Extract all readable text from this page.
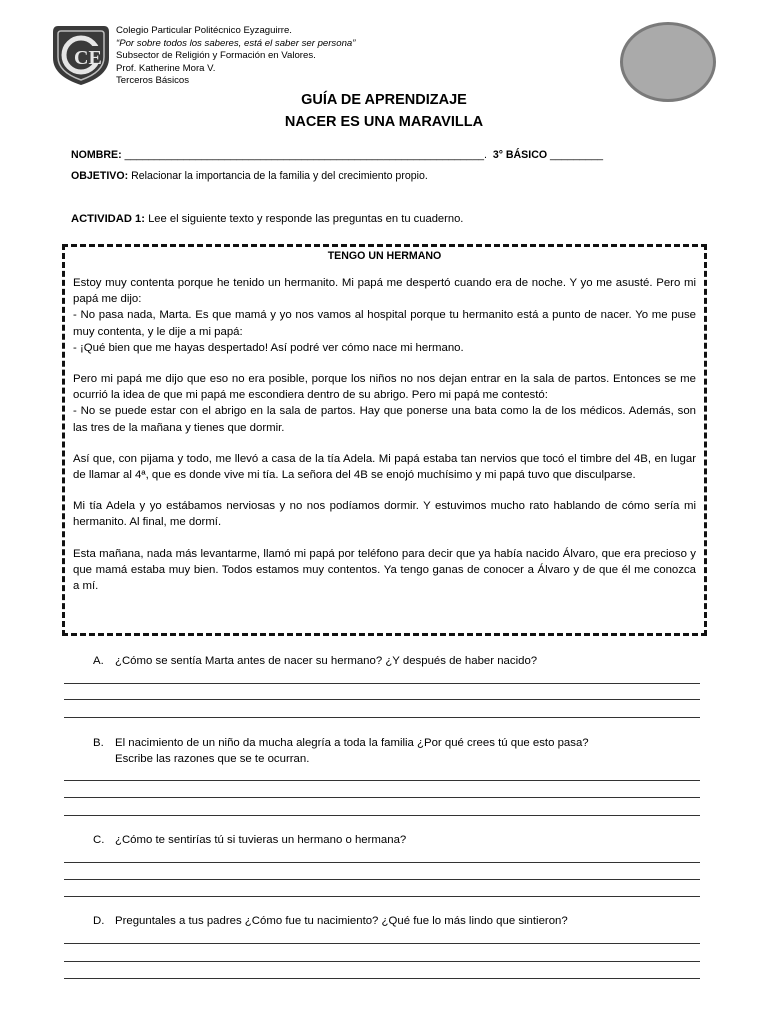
CE
Colegio Particular Politécnico Eyzaguirre.
“Por sobre todos los saberes, está el saber ser persona”
Subsector de Religión y Formación en Valores.
Prof. Katherine Mora V.
Terceros Básicos
GUÍA DE APRENDIZAJE
NACER ES UNA MARAVILLA
NOMBRE: _____________________________________________________________. 3° BÁSICO _________
OBJETIVO: Relacionar la importancia de la familia y del crecimiento propio.
ACTIVIDAD 1: Lee el siguiente texto y responde las preguntas en tu cuaderno.
TENGO UN HERMANO

Estoy muy contenta porque he tenido un hermanito. Mi papá me despertó cuando era de noche. Y yo me asusté. Pero mi papá me dijo:
- No pasa nada, Marta. Es que mamá y yo nos vamos al hospital porque tu hermanito está a punto de nacer. Yo me puse muy contenta, y le dije a mi papá:
- ¡Qué bien que me hayas despertado! Así podré ver cómo nace mi hermano.

Pero mi papá me dijo que eso no era posible, porque los niños no nos dejan entrar en la sala de partos. Entonces se me ocurrió la idea de que mi papá me escondiera dentro de su abrigo. Pero mi papá me contestó:
- No se puede estar con el abrigo en la sala de partos. Hay que ponerse una bata como la de los médicos. Además, son las tres de la mañana y tienes que dormir.

Así que, con pijama y todo, me llevó a casa de la tía Adela. Mi papá estaba tan nervios que tocó el timbre del 4B, en lugar de llamar al 4ª, que es donde vive mi tía. La señora del 4B se enojó muchísimo y mi papá tuvo que disculparse.

Mi tía Adela y yo estábamos nerviosas y no nos podíamos dormir. Y estuvimos mucho rato hablando de cómo sería mi hermanito. Al final, me dormí.

Esta mañana, nada más levantarme, llamó mi papá por teléfono para decir que ya había nacido Álvaro, que era precioso y que mamá estaba muy bien. Todos estamos muy contentos. Ya tengo ganas de conocer a Álvaro y de que él me conozca a mí.

A. ¿Cómo se sentía Marta antes de nacer su hermano? ¿Y después de haber nacido?
B. El nacimiento de un niño da mucha alegría a toda la familia ¿Por qué crees tú que esto pasa?
Escribe las razones que se te ocurran.
C. ¿Cómo te sentirías tú si tuvieras un hermano o hermana?
D. Preguntales a tus padres ¿Cómo fue tu nacimiento? ¿Qué fue lo más lindo que sintieron?
